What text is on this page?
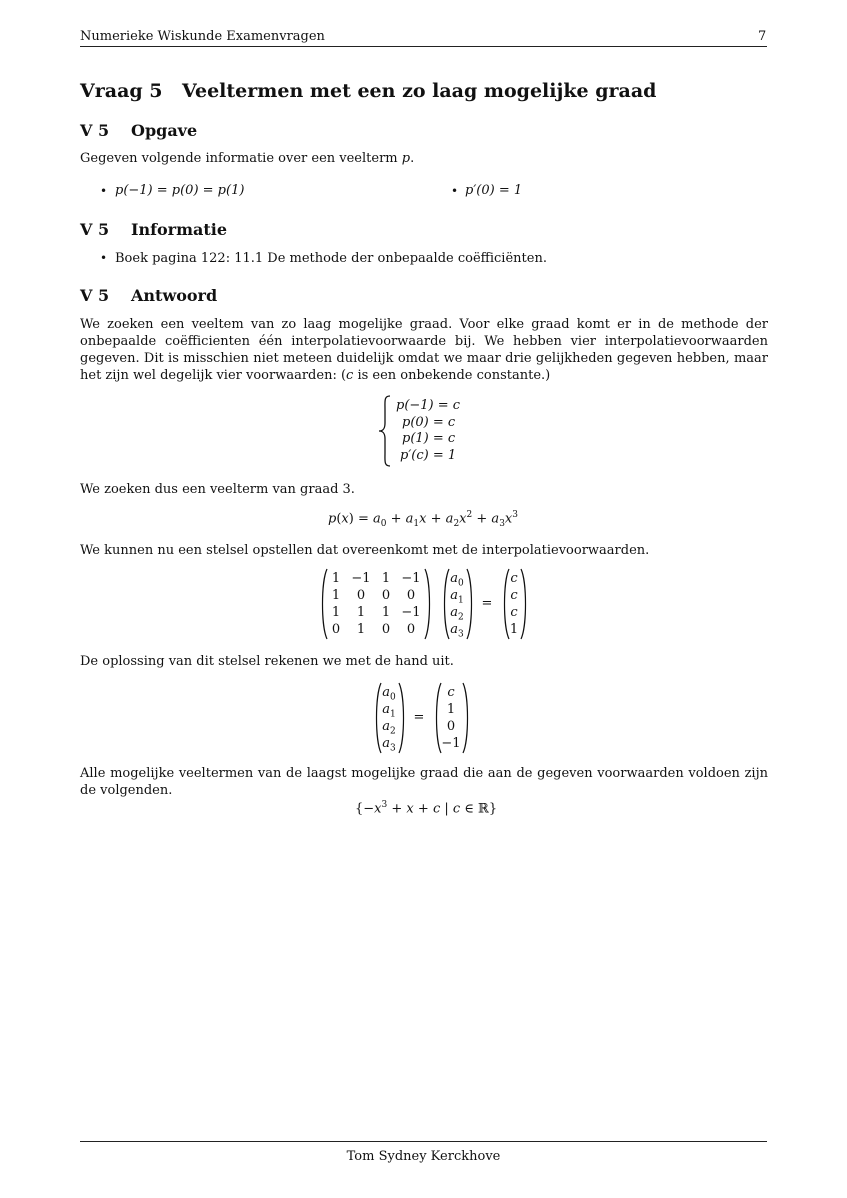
Numerieke Wiskunde Examenvragen	7
Vraag 5 Veeltermen met een zo laag mogelijke graad
V 5 Opgave
Gegeven volgende informatie over een veelterm p.
• p(−1) = p(0) = p(1)	• p′(0) = 1
V 5 Informatie
• Boek pagina 122: 11.1 De methode der onbepaalde coëfficiënten.
V 5 Antwoord
We zoeken een veeltem van zo laag mogelijke graad. Voor elke graad komt er in de methode der onbepaalde coëfficienten één interpolatievoorwaarde bij. We hebben vier interpolatievoorwaarden gegeven. Dit is misschien niet meteen duidelijk omdat we maar drie gelijkheden gegeven hebben, maar het zijn wel degelijk vier voorwaarden: (c is een onbekende constante.)
p(−1) = c
p(0) = c
p(1) = c
p′(c) = 1
We zoeken dus een veelterm van graad 3.
$p(x) = a_0 + a_1x + a_2x^2 + a_3x^3$
We kunnen nu een stelsel opstellen dat overeenkomt met de interpolatievoorwaarden.
1 −1 1 −1
1	0	0	0
1	1	1 −1
0	1	0	0
$a_0$
$a_1$
$a_2$
$a_3$
=
c
c
c
1
De oplossing van dit stelsel rekenen we met de hand uit.
$a_0$
$a_1$
$a_2$
$a_3$
=
c
1
0
−1
Alle mogelijke veeltermen van de laagst mogelijke graad die aan de gegeven voorwaarden voldoen zijn de volgenden.
{$-x^3 + x + c$ | c ∈ ℝ}
Tom Sydney Kerckhove
